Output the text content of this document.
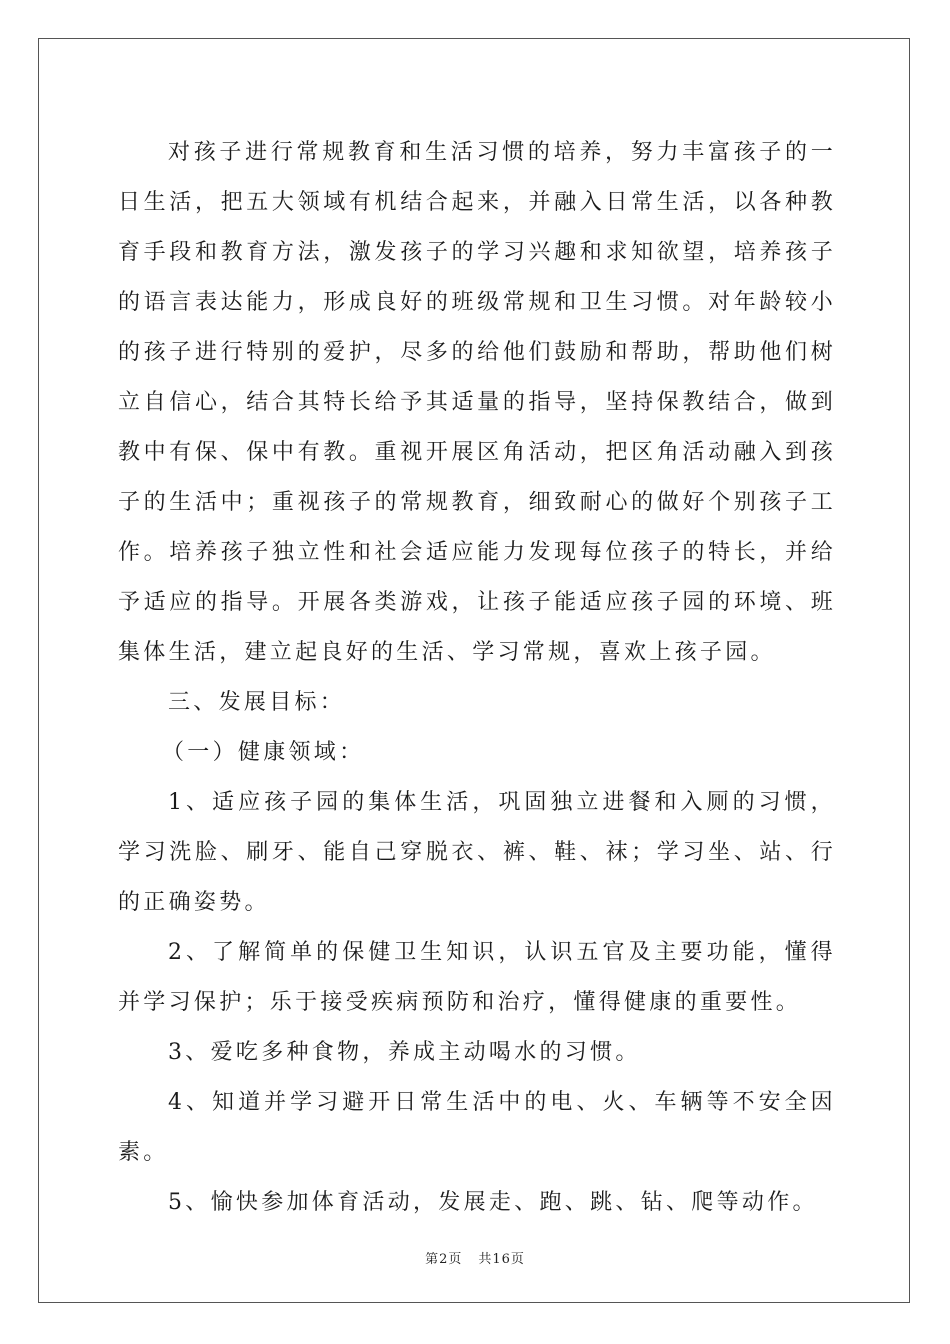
对孩子进行常规教育和生活习惯的培养，努力丰富孩子的一日生活，把五大领域有机结合起来，并融入日常生活，以各种教育手段和教育方法，激发孩子的学习兴趣和求知欲望，培养孩子的语言表达能力，形成良好的班级常规和卫生习惯。对年龄较小的孩子进行特别的爱护，尽多的给他们鼓励和帮助，帮助他们树立自信心，结合其特长给予其适量的指导，坚持保教结合，做到教中有保、保中有教。重视开展区角活动，把区角活动融入到孩子的生活中；重视孩子的常规教育，细致耐心的做好个别孩子工作。培养孩子独立性和社会适应能力发现每位孩子的特长，并给予适应的指导。开展各类游戏，让孩子能适应孩子园的环境、班集体生活，建立起良好的生活、学习常规，喜欢上孩子园。

三、发展目标：

（一）健康领域：

1、适应孩子园的集体生活，巩固独立进餐和入厕的习惯，学习洗脸、刷牙、能自己穿脱衣、裤、鞋、袜；学习坐、站、行的正确姿势。

2、了解简单的保健卫生知识，认识五官及主要功能，懂得并学习保护；乐于接受疾病预防和治疗，懂得健康的重要性。

3、爱吃多种食物，养成主动喝水的习惯。

4、知道并学习避开日常生活中的电、火、车辆等不安全因素。

5、愉快参加体育活动，发展走、跑、跳、钻、爬等动作。

第2页 共16页
